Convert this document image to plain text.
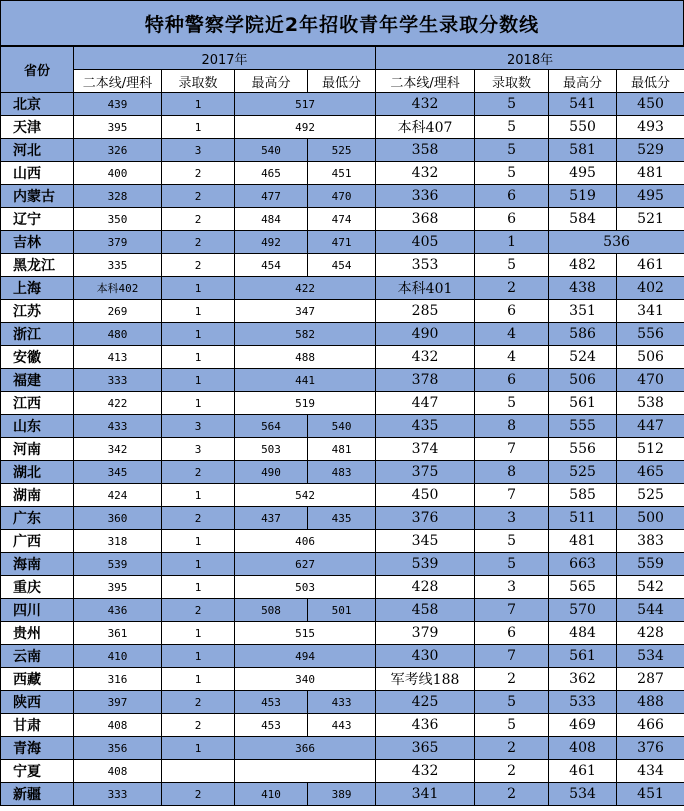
特种警察学院近2年招收青年学生录取分数线
省份	2017年				2018年			
	二本线/理科	录取数	最高分	最低分	二本线/理科	录取数	最高分	最低分
北京	439	1	517		432	5	541	450
天津	395	1	492		本科407	5	550	493
河北	326	3	540	525	358	5	581	529
山西	400	2	465	451	432	5	495	481
内蒙古	328	2	477	470	336	6	519	495
辽宁	350	2	484	474	368	6	584	521
吉林	379	2	492	471	405	1	536	
黑龙江	335	2	454	454	353	5	482	461
上海	本科402	1	422		本科401	2	438	402
江苏	269	1	347		285	6	351	341
浙江	480	1	582		490	4	586	556
安徽	413	1	488		432	4	524	506
福建	333	1	441		378	6	506	470
江西	422	1	519		447	5	561	538
山东	433	3	564	540	435	8	555	447
河南	342	3	503	481	374	7	556	512
湖北	345	2	490	483	375	8	525	465
湖南	424	1	542		450	7	585	525
广东	360	2	437	435	376	3	511	500
广西	318	1	406		345	5	481	383
海南	539	1	627		539	5	663	559
重庆	395	1	503		428	3	565	542
四川	436	2	508	501	458	7	570	544
贵州	361	1	515		379	6	484	428
云南	410	1	494		430	7	561	534
西藏	316	1	340		军考线188	2	362	287
陕西	397	2	453	433	425	5	533	488
甘肃	408	2	453	443	436	5	469	466
青海	356	1	366		365	2	408	376
宁夏	408				432	2	461	434
新疆	333	2	410	389	341	2	534	451
